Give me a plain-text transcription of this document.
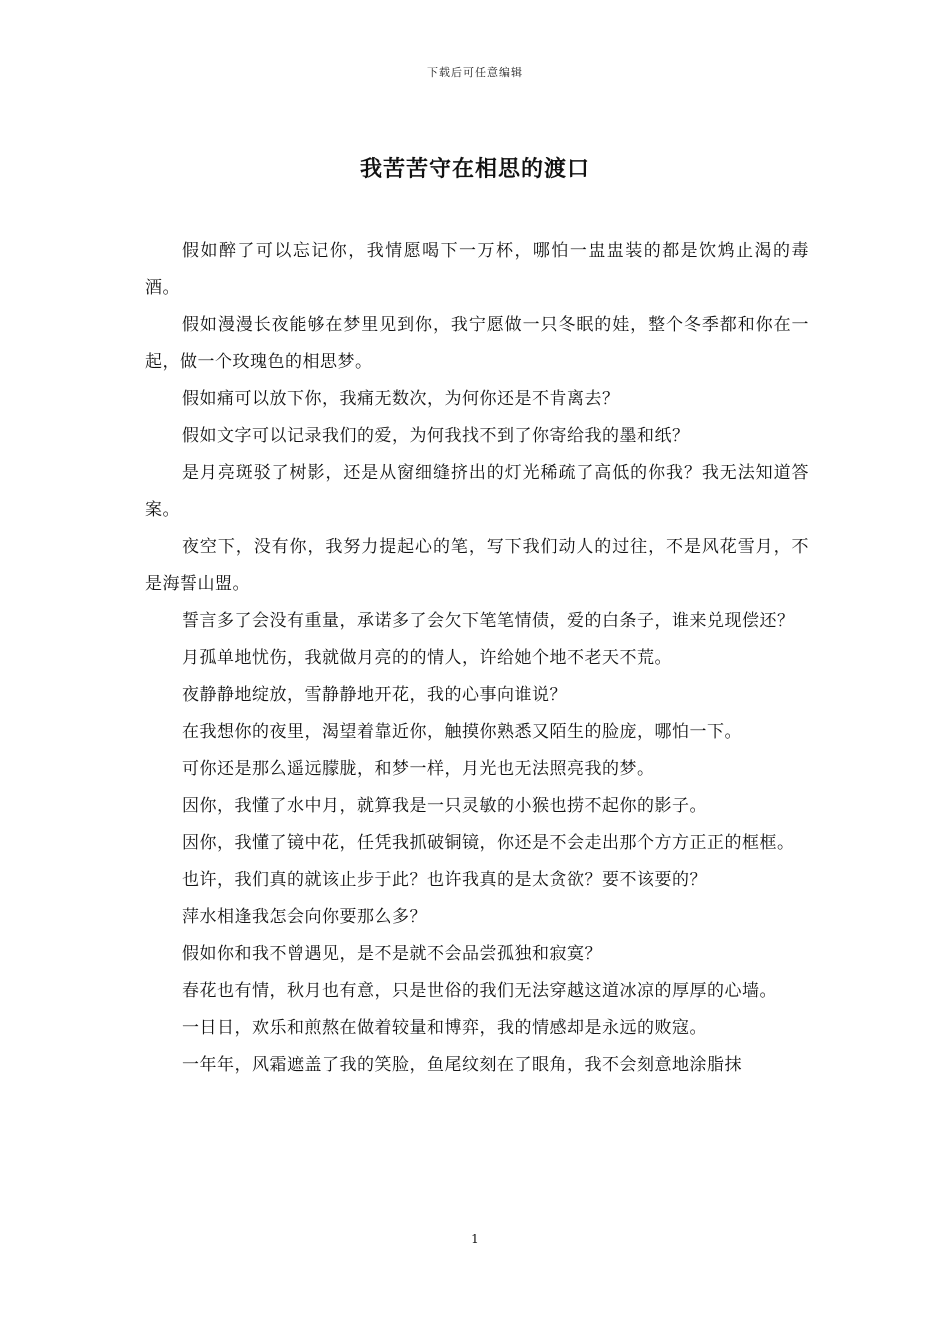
下载后可任意编辑
我苦苦守在相思的渡口

假如醉了可以忘记你，我情愿喝下一万杯，哪怕一盅盅装的都是饮鸩止渴的毒酒。

假如漫漫长夜能够在梦里见到你，我宁愿做一只冬眠的娃，整个冬季都和你在一起，做一个玫瑰色的相思梦。

假如痛可以放下你，我痛无数次，为何你还是不肯离去？

假如文字可以记录我们的爱，为何我找不到了你寄给我的墨和纸？

是月亮斑驳了树影，还是从窗细缝挤出的灯光稀疏了高低的你我？我无法知道答案。

夜空下，没有你，我努力提起心的笔，写下我们动人的过往，不是风花雪月，不是海誓山盟。

誓言多了会没有重量，承诺多了会欠下笔笔情债，爱的白条子，谁来兑现偿还？

月孤单地忧伤，我就做月亮的的情人，许给她个地不老天不荒。

夜静静地绽放，雪静静地开花，我的心事向谁说？

在我想你的夜里，渴望着靠近你，触摸你熟悉又陌生的脸庞，哪怕一下。

可你还是那么遥远朦胧，和梦一样，月光也无法照亮我的梦。

因你，我懂了水中月，就算我是一只灵敏的小猴也捞不起你的影子。

因你，我懂了镜中花，任凭我抓破铜镜，你还是不会走出那个方方正正的框框。

也许，我们真的就该止步于此？也许我真的是太贪欲？要不该要的？

萍水相逢我怎会向你要那么多？

假如你和我不曾遇见，是不是就不会品尝孤独和寂寞？

春花也有情，秋月也有意，只是世俗的我们无法穿越这道冰凉的厚厚的心墙。

一日日，欢乐和煎熬在做着较量和博弈，我的情感却是永远的败寇。

一年年，风霜遮盖了我的笑脸，鱼尾纹刻在了眼角，我不会刻意地涂脂抹

1
